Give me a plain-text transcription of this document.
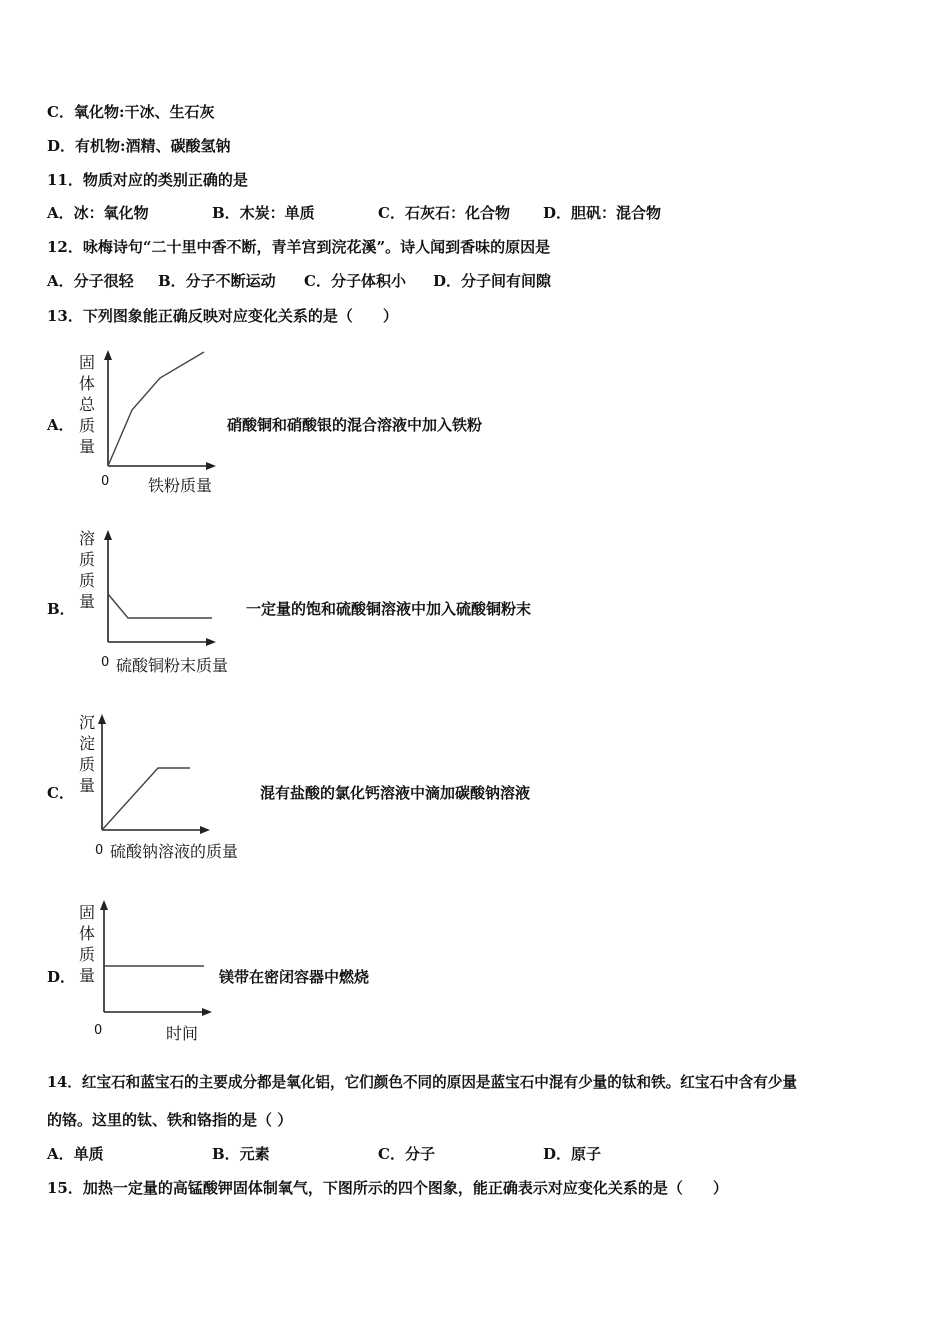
C．氧化物:干冰、生石灰
D．有机物:酒精、碳酸氢钠
11．物质对应的类别正确的是
A．冰：氧化物	B．木炭：单质	C．石灰石：化合物 D．胆矾：混合物
12．咏梅诗句“二十里中香不断，青羊宫到浣花溪”。诗人闻到香味的原因是
A．分子很轻 B．分子不断运动 C．分子体积小 D．分子间有间隙
13．下列图象能正确反映对应变化关系的是（　　）
A．
固
体
总
质
量
0 铁粉质量
硝酸铜和硝酸银的混合溶液中加入铁粉
B．
溶
质
质
量
0 硫酸铜粉末质量
一定量的饱和硫酸铜溶液中加入硫酸铜粉末
C．
沉
淀
质
量
0 硫酸钠溶液的质量
混有盐酸的氯化钙溶液中滴加碳酸钠溶液
D．
固
体
质
量
0	时间
镁带在密闭容器中燃烧
14．红宝石和蓝宝石的主要成分都是氧化铝，它们颜色不同的原因是蓝宝石中混有少量的钛和铁。红宝石中含有少量
的铬。这里的钛、铁和铬指的是（ ）
A．单质	B．元素	C．分子	D．原子
15．加热一定量的高锰酸钾固体制氧气，下图所示的四个图象，能正确表示对应变化关系的是（　　）
